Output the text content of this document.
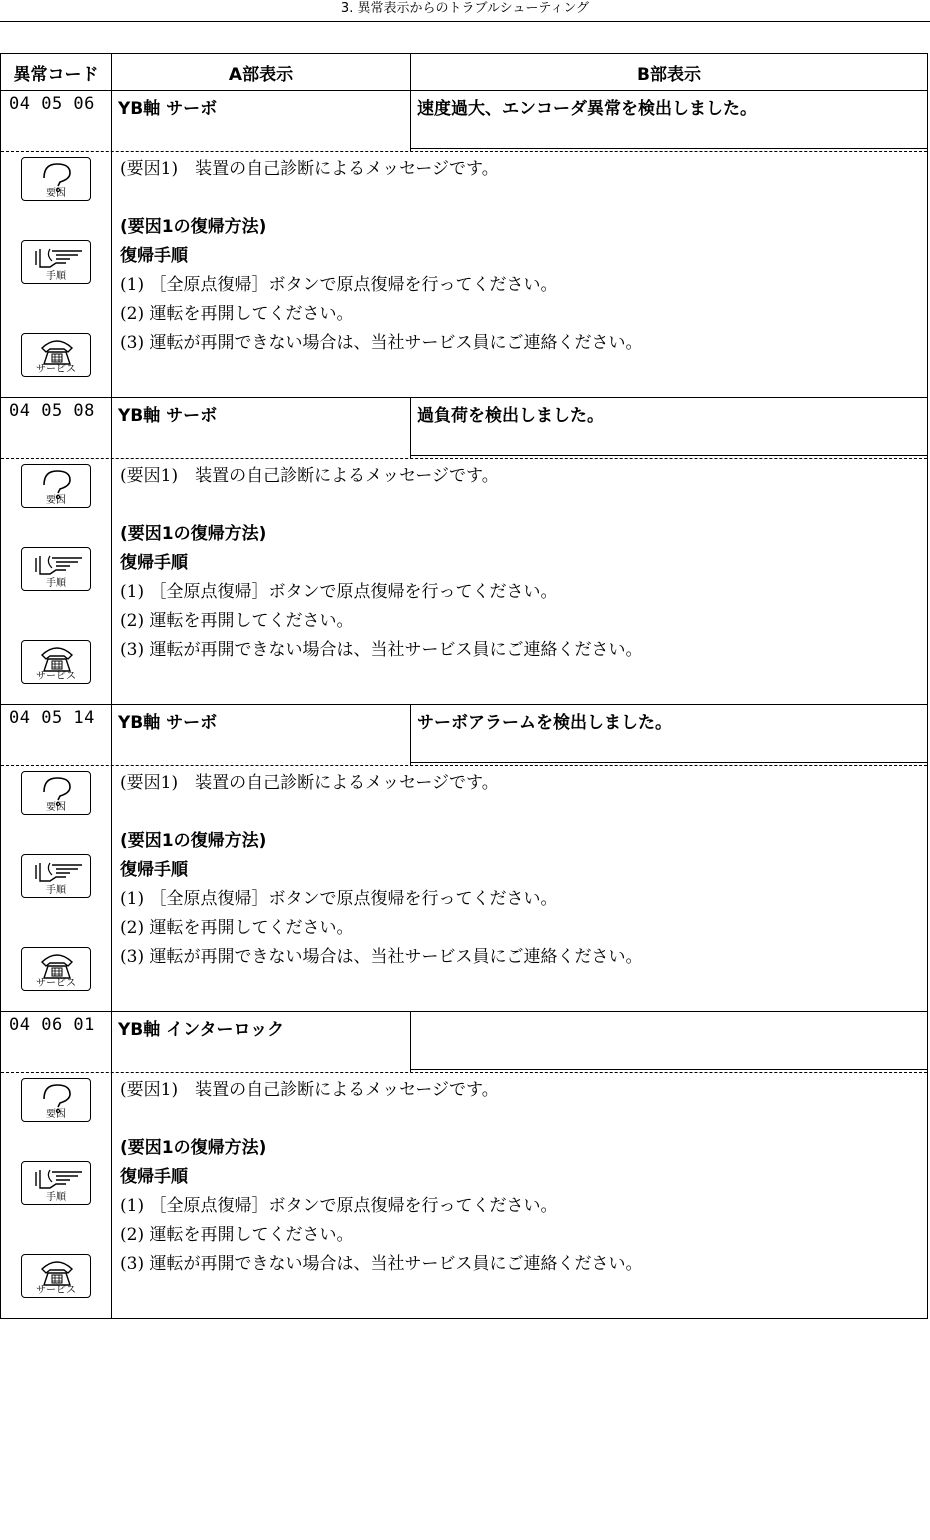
3. 異常表示からのトラブルシューティング
異常コード	A部表示	B部表示
04 05 06	YB軸 サーボ	速度過大、エンコーダ異常を検出しました。
要因
手順
サービス
(要因1)　装置の自己診断によるメッセージです。
(要因1の復帰方法)
復帰手順
(1) ［全原点復帰］ボタンで原点復帰を行ってください。
(2) 運転を再開してください。
(3) 運転が再開できない場合は、当社サービス員にご連絡ください。
04 05 08	YB軸 サーボ	過負荷を検出しました。
要因
手順
サービス
(要因1)　装置の自己診断によるメッセージです。
(要因1の復帰方法)
復帰手順
(1) ［全原点復帰］ボタンで原点復帰を行ってください。
(2) 運転を再開してください。
(3) 運転が再開できない場合は、当社サービス員にご連絡ください。
04 05 14	YB軸 サーボ	サーボアラームを検出しました。
要因
手順
サービス
(要因1)　装置の自己診断によるメッセージです。
(要因1の復帰方法)
復帰手順
(1) ［全原点復帰］ボタンで原点復帰を行ってください。
(2) 運転を再開してください。
(3) 運転が再開できない場合は、当社サービス員にご連絡ください。
04 06 01	YB軸 インターロック
要因
手順
サービス
(要因1)　装置の自己診断によるメッセージです。
(要因1の復帰方法)
復帰手順
(1) ［全原点復帰］ボタンで原点復帰を行ってください。
(2) 運転を再開してください。
(3) 運転が再開できない場合は、当社サービス員にご連絡ください。
